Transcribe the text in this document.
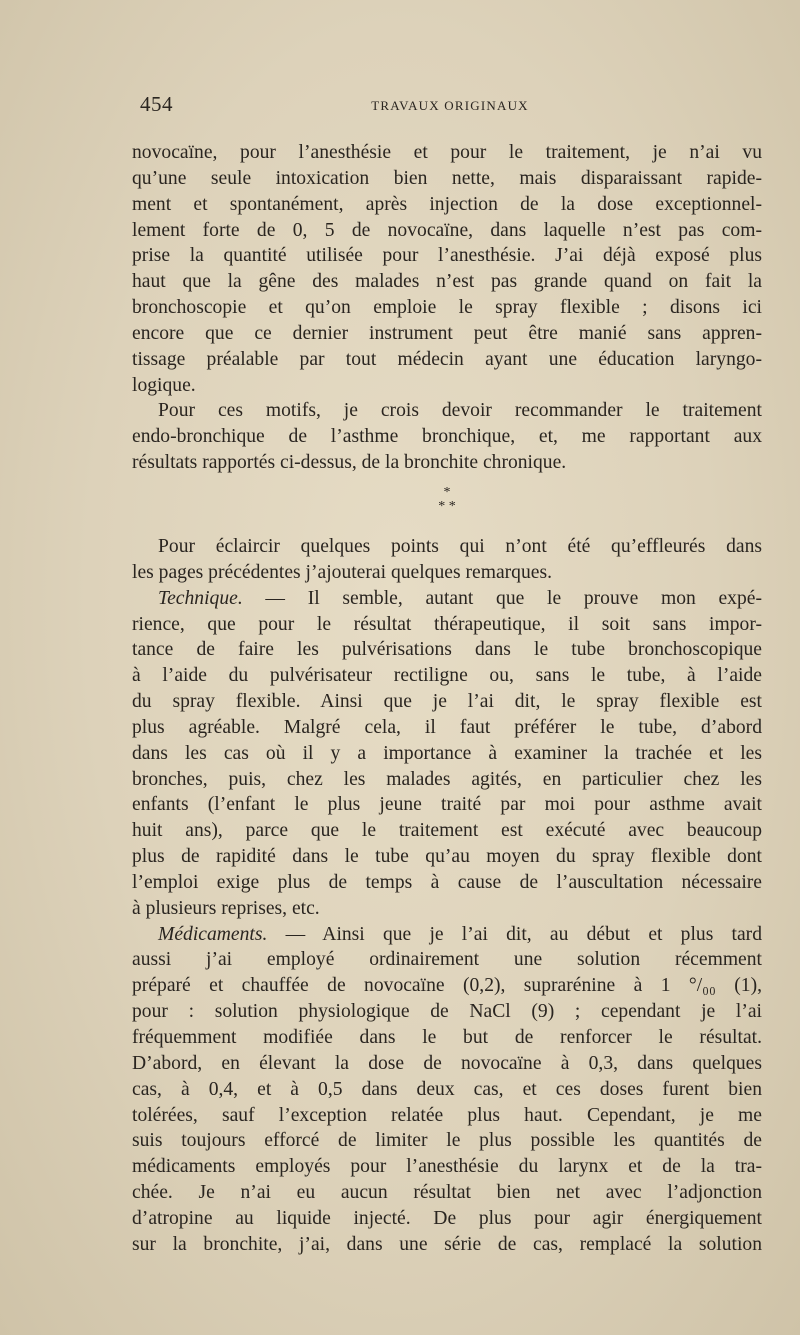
454	TRAVAUX ORIGINAUX
novocaïne, pour l’anesthésie et pour le traitement, je n’ai vu
qu’une seule intoxication bien nette, mais disparaissant rapide-
ment et spontanément, après injection de la dose exceptionnel-
lement forte de 0, 5 de novocaïne, dans laquelle n’est pas com-
prise la quantité utilisée pour l’anesthésie. J’ai déjà exposé plus
haut que la gêne des malades n’est pas grande quand on fait la
bronchoscopie et qu’on emploie le spray flexible ; disons ici
encore que ce dernier instrument peut être manié sans appren-
tissage préalable par tout médecin ayant une éducation laryngo-
logique.
Pour ces motifs, je crois devoir recommander le traitement
endo-bronchique de l’asthme bronchique, et, me rapportant aux
résultats rapportés ci-dessus, de la bronchite chronique.
*
* *
Pour éclaircir quelques points qui n’ont été qu’effleurés dans
les pages précédentes j’ajouterai quelques remarques.
Technique. — Il semble, autant que le prouve mon expé-
rience, que pour le résultat thérapeutique, il soit sans impor-
tance de faire les pulvérisations dans le tube bronchoscopique
à l’aide du pulvérisateur rectiligne ou, sans le tube, à l’aide
du spray flexible. Ainsi que je l’ai dit, le spray flexible est
plus agréable. Malgré cela, il faut préférer le tube, d’abord
dans les cas où il y a importance à examiner la trachée et les
bronches, puis, chez les malades agités, en particulier chez les
enfants (l’enfant le plus jeune traité par moi pour asthme avait
huit ans), parce que le traitement est exécuté avec beaucoup
plus de rapidité dans le tube qu’au moyen du spray flexible dont
l’emploi exige plus de temps à cause de l’auscultation nécessaire
à plusieurs reprises, etc.
Médicaments. — Ainsi que je l’ai dit, au début et plus tard
aussi j’ai employé ordinairement une solution récemment
préparé et chauffée de novocaïne (0,2), suprarénine à 1 °/₀₀ (1),
pour : solution physiologique de NaCl (9) ; cependant je l’ai
fréquemment modifiée dans le but de renforcer le résultat.
D’abord, en élevant la dose de novocaïne à 0,3, dans quelques
cas, à 0,4, et à 0,5 dans deux cas, et ces doses furent bien
tolérées, sauf l’exception relatée plus haut. Cependant, je me
suis toujours efforcé de limiter le plus possible les quantités de
médicaments employés pour l’anesthésie du larynx et de la tra-
chée. Je n’ai eu aucun résultat bien net avec l’adjonction
d’atropine au liquide injecté. De plus pour agir énergiquement
sur la bronchite, j’ai, dans une série de cas, remplacé la solution
